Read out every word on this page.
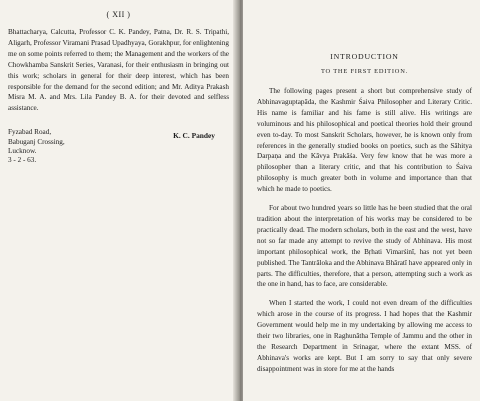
( XII )

Bhattacharya, Calcutta, Professor C. K. Pandey, Patna, Dr. R. S. Tripathi, Aligarh, Professor Viramani Prasad Upadhyaya, Gorakhpur, for enlightening me on some points referred to them; the Management and the workers of the Chowkhamba Sanskrit Series, Varanasi, for their enthusiasm in bringing out this work; scholars in general for their deep interest, which has been responsible for the demand for the second edition; and Mr. Aditya Prakash Misra M. A. and Mrs. Lila Pandey B. A. for their devoted and selfless assistance.

Fyzabad Road,
Babuganj Crossing,
Lucknow.
3 - 2 - 63.
K. C. Pandey
INTRODUCTION
TO THE FIRST EDITION.

The following pages present a short but comprehensive study of Abhinavaguptapāda, the Kashmir Śaiva Philosopher and Literary Critic. His name is familiar and his fame is still alive. His writings are voluminous and his philosophical and poetical theories hold their ground even to-day. To most Sanskrit Scholars, however, he is known only from references in the generally studied books on poetics, such as the Sāhitya Darpaṇa and the Kāvya Prakāśa. Very few know that he was more a philosopher than a literary critic, and that his contribution to Śaiva philosophy is much greater both in volume and importance than that which he made to poetics.

For about two hundred years so little has he been studied that the oral tradition about the interpretation of his works may be considered to be practically dead. The modern scholars, both in the east and the west, have not so far made any attempt to revive the study of Abhinava. His most important philosophical work, the Bṛhati Vimarśinī, has not yet been published. The Tantrāloka and the Abhinava Bhāratī have appeared only in parts. The difficulties, therefore, that a person, attempting such a work as the one in hand, has to face, are considerable.

When I started the work, I could not even dream of the difficulties which arose in the course of its progress. I had hopes that the Kashmir Government would help me in my undertaking by allowing me access to their two libraries, one in Raghunātha Temple of Jammu and the other in the Research Department in Srinagar, where the extant MSS. of Abhinava's works are kept. But I am sorry to say that only severe disappointment was in store for me at the hands
